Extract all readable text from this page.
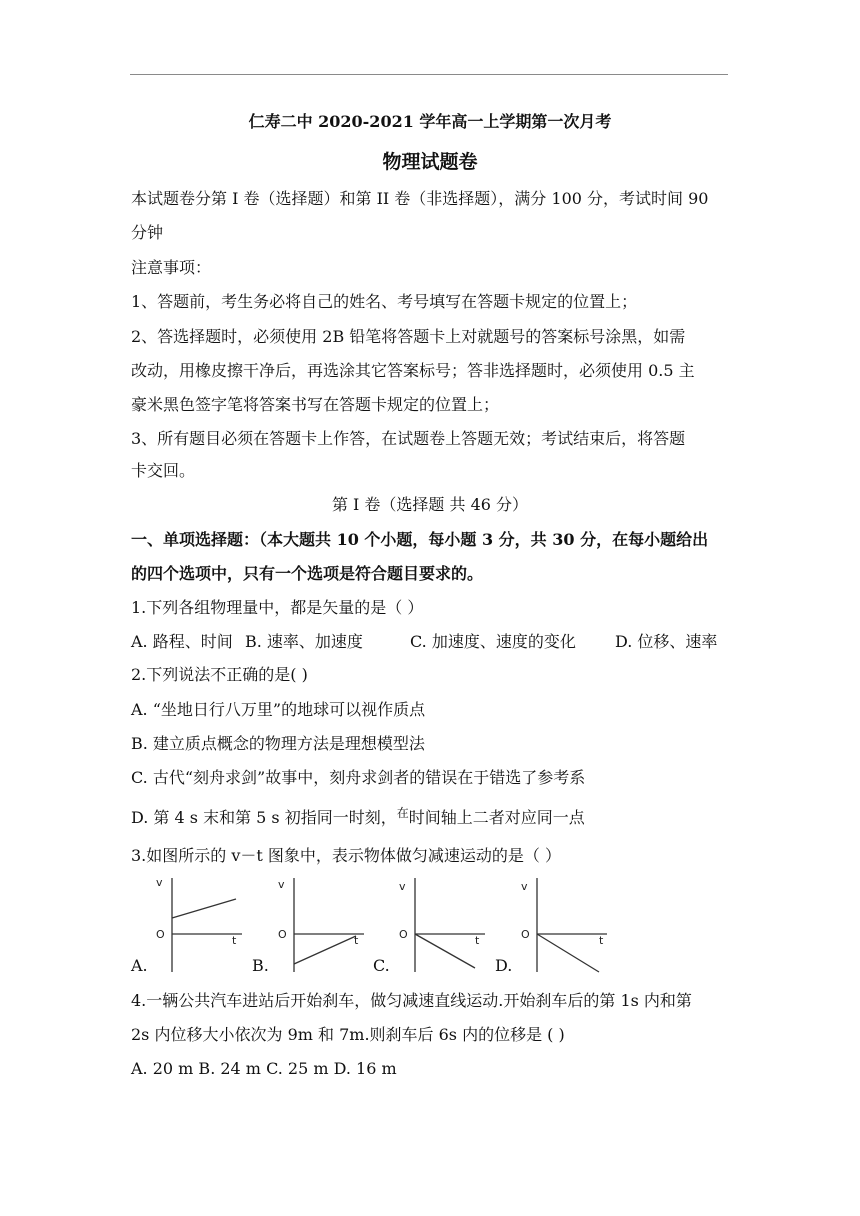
仁寿二中 2020-2021 学年高一上学期第一次月考
物理试题卷
本试题卷分第 I 卷（选择题）和第 II 卷（非选择题），满分 100 分，考试时间 90
分钟
注意事项：
1、答题前，考生务必将自己的姓名、考号填写在答题卡规定的位置上；
2、答选择题时，必须使用 2B 铅笔将答题卡上对就题号的答案标号涂黑，如需
改动，用橡皮擦干净后，再选涂其它答案标号；答非选择题时，必须使用 0.5 主
豪米黑色签字笔将答案书写在答题卡规定的位置上；
3、所有题目必须在答题卡上作答，在试题卷上答题无效；考试结束后，将答题
卡交回。
第 I 卷（选择题 共 46 分）
一、单项选择题：（本大题共 10 个小题，每小题 3 分，共 30 分，在每小题给出
的四个选项中，只有一个选项是符合题目要求的。
1.下列各组物理量中，都是矢量的是（ ）
A. 路程、时间 B. 速率、加速度	C. 加速度、速度的变化 D. 位移、速率
2.下列说法不正确的是( )
A. “坐地日行八万里”的地球可以视作质点
B. 建立质点概念的物理方法是理想模型法
C. 古代“刻舟求剑”故事中，刻舟求剑者的错误在于错选了参考系
D. 第 4 s 末和第 5 s 初指同一时刻，$^在$时间轴上二者对应同一点
3.如图所示的 v－t 图象中，表示物体做匀减速运动的是（ ）
v
O	t
v
O	t
v
O	t
v
O	t
A.	B.	C.	D.
4.一辆公共汽车进站后开始刹车，做匀减速直线运动.开始刹车后的第 1s 内和第
2s 内位移大小依次为 9m 和 7m.则刹车后 6s 内的位移是 ( )
A. 20 m B. 24 m C. 25 m D. 16 m
